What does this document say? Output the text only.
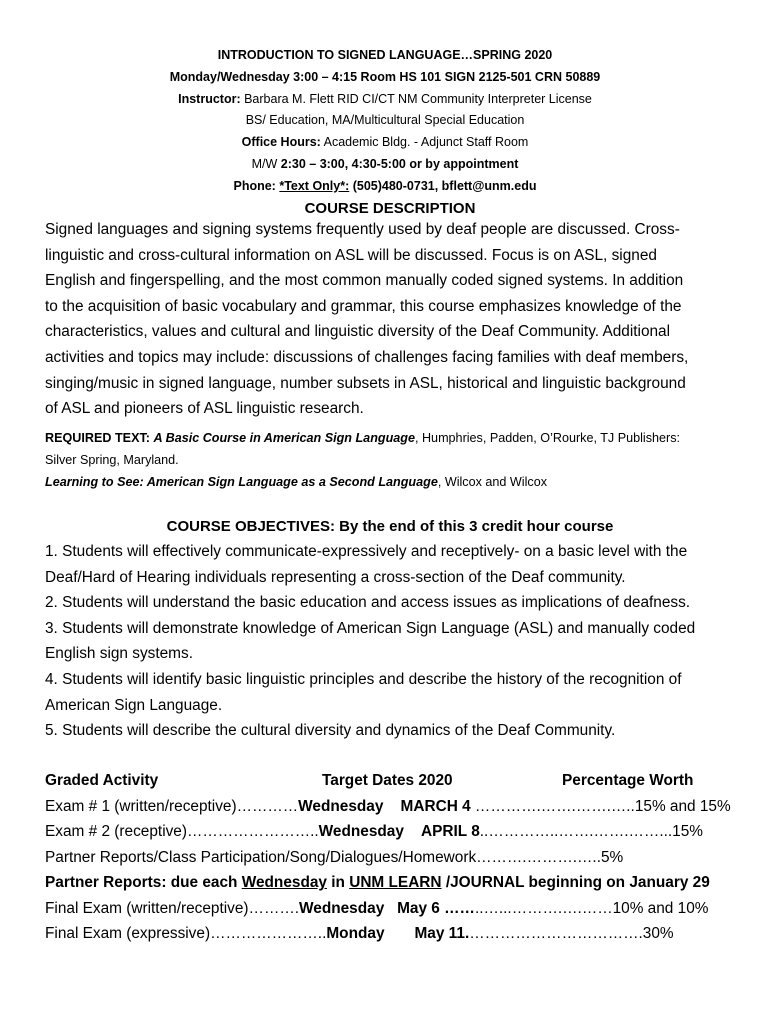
INTRODUCTION TO SIGNED LANGUAGE…SPRING 2020
Monday/Wednesday 3:00 – 4:15 Room HS 101 SIGN 2125-501 CRN 50889
Instructor: Barbara M. Flett RID CI/CT NM Community Interpreter License
BS/ Education, MA/Multicultural Special Education
Office Hours: Academic Bldg. - Adjunct Staff Room
M/W 2:30 – 3:00, 4:30-5:00 or by appointment
Phone: *Text Only*: (505)480-0731, bflett@unm.edu
COURSE DESCRIPTION
Signed languages and signing systems frequently used by deaf people are discussed. Cross-
linguistic and cross-cultural information on ASL will be discussed. Focus is on ASL, signed
English and fingerspelling, and the most common manually coded signed systems. In addition
to the acquisition of basic vocabulary and grammar, this course emphasizes knowledge of the
characteristics, values and cultural and linguistic diversity of the Deaf Community. Additional
activities and topics may include: discussions of challenges facing families with deaf members,
singing/music in signed language, number subsets in ASL, historical and linguistic background
of ASL and pioneers of ASL linguistic research.
REQUIRED TEXT: A Basic Course in American Sign Language, Humphries, Padden, O’Rourke, TJ Publishers:
Silver Spring, Maryland.
Learning to See: American Sign Language as a Second Language, Wilcox and Wilcox
COURSE OBJECTIVES: By the end of this 3 credit hour course
1. Students will effectively communicate-expressively and receptively- on a basic level with the
Deaf/Hard of Hearing individuals representing a cross-section of the Deaf community.
2. Students will understand the basic education and access issues as implications of deafness.
3. Students will demonstrate knowledge of American Sign Language (ASL) and manually coded
English sign systems.
4. Students will identify basic linguistic principles and describe the history of the recognition of
American Sign Language.
5. Students will describe the cultural diversity and dynamics of the Deaf Community.
Graded Activity	Target Dates 2020	Percentage Worth
Exam # 1 (written/receptive)…………Wednesday MARCH 4 ………….…….…….…..15% and 15%
Exam # 2 (receptive)……………………..Wednesday APRIL 8..…………..…….…….……...15%
Partner Reports/Class Participation/Song/Dialogues/Homework……….……….…..5%
Partner Reports: due each Wednesday in UNM LEARN /JOURNAL beginning on January 29
Final Exam (written/receptive)……….Wednesday May 6 ……..…...……….….……10% and 10%
Final Exam (expressive)…………………..Monday May 11.…………………………….30%
